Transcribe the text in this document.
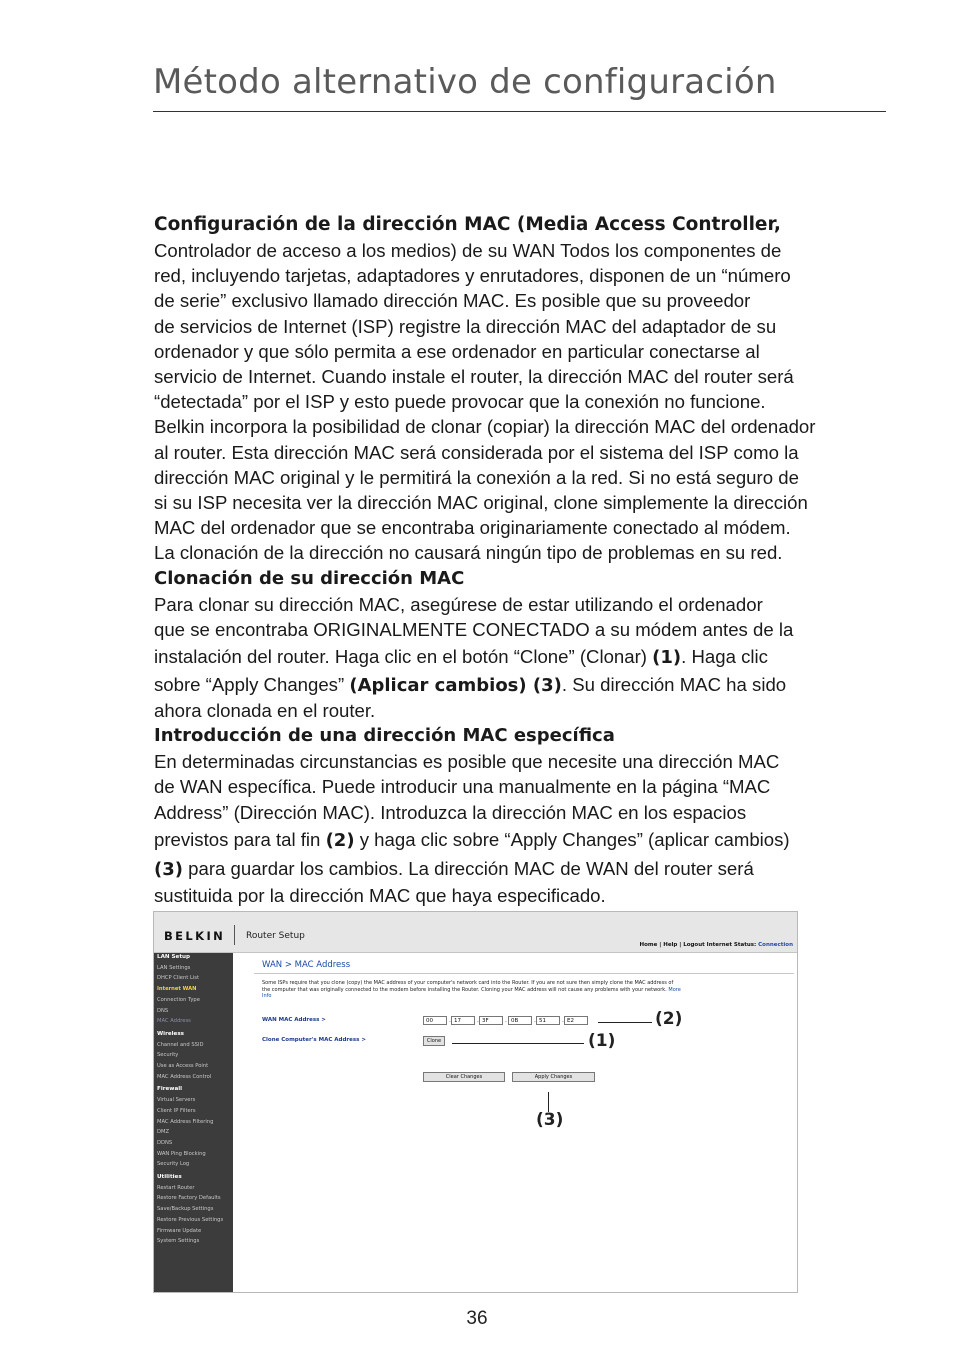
Método alternativo de configuración
Configuración de la dirección MAC (Media Access Controller,
Controlador de acceso a los medios) de su WAN Todos los componentes de
red, incluyendo tarjetas, adaptadores y enrutadores, disponen de un “número
de serie” exclusivo llamado dirección MAC. Es posible que su proveedor
de servicios de Internet (ISP) registre la dirección MAC del adaptador de su
ordenador y que sólo permita a ese ordenador en particular conectarse al
servicio de Internet. Cuando instale el router, la dirección MAC del router será
“detectada” por el ISP y esto puede provocar que la conexión no funcione.
Belkin incorpora la posibilidad de clonar (copiar) la dirección MAC del ordenador
al router. Esta dirección MAC será considerada por el sistema del ISP como la
dirección MAC original y le permitirá la conexión a la red. Si no está seguro de
si su ISP necesita ver la dirección MAC original, clone simplemente la dirección
MAC del ordenador que se encontraba originariamente conectado al módem.
La clonación de la dirección no causará ningún tipo de problemas en su red.
Clonación de su dirección MAC
Para clonar su dirección MAC, asegúrese de estar utilizando el ordenador
que se encontraba ORIGINALMENTE CONECTADO a su módem antes de la
instalación del router. Haga clic en el botón “Clone” (Clonar) (1). Haga clic
sobre “Apply Changes” (Aplicar cambios) (3). Su dirección MAC ha sido
ahora clonada en el router.
Introducción de una dirección MAC específica
En determinadas circunstancias es posible que necesite una dirección MAC
de WAN específica. Puede introducir una manualmente en la página “MAC
Address” (Dirección MAC). Introduzca la dirección MAC en los espacios
previstos para tal fin (2) y haga clic sobre “Apply Changes” (aplicar cambios)
(3) para guardar los cambios. La dirección MAC de WAN del router será
sustituida por la dirección MAC que haya especificado.
BELKIN Router Setup
Home | Help | Logout Internet Status: Connection
LAN Setup
LAN Settings
DHCP Client List
Internet WAN
Connection Type
DNS
MAC Address
Wireless
Channel and SSID
Security
Use as Access Point
MAC Address Control
Firewall
Virtual Servers
Client IP Filters
MAC Address Filtering
DMZ
DDNS
WAN Ping Blocking
Security Log
Utilities
Restart Router
Restore Factory Defaults
Save/Backup Settings
Restore Previous Settings
Firmware Update
System Settings
WAN > MAC Address
Some ISPs require that you clone (copy) the MAC address of your computer's network card into the Router. If you are not sure then simply clone the MAC address of the computer that was originally connected to the modem before installing the Router. Cloning your MAC address will not cause any problems with your network. More Info
WAN MAC Address >
Clone Computer's MAC Address >
00	. 17	. 3F	. 0B	. 51	. E2
Clone
Clear Changes	Apply Changes
(2)
(1)
(3)
36
